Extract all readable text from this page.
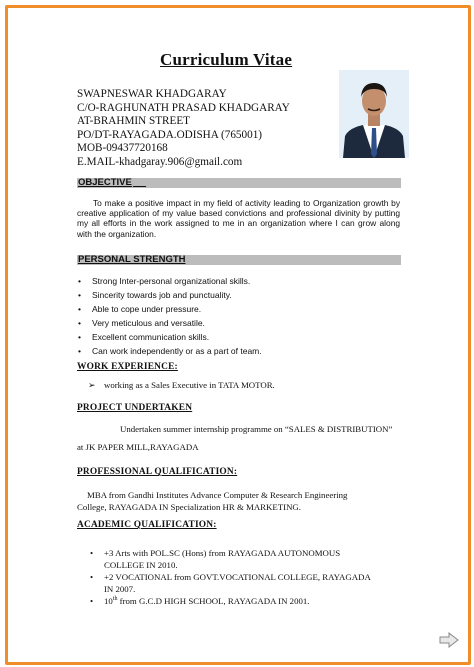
Curriculum Vitae
SWAPNESWAR KHADGARAY
C/O-RAGHUNATH PRASAD KHADGARAY
AT-BRAHMIN STREET
PO/DT-RAYAGADA.ODISHA (765001)
MOB-09437720168
E.MAIL-khadgaray.906@gmail.com
OBJECTIVE
To make a positive impact in my field of activity leading to Organization growth by creative application of my value based convictions and professional divinity by putting my all efforts in the work assigned to me in an organization where I can grow along with the organization.
PERSONAL STRENGTH
• Strong Inter-personal organizational skills.
• Sincerity towards job and punctuality.
• Able to cope under pressure.
• Very meticulous and versatile.
• Excellent communication skills.
• Can work independently or as a part of team.
WORK EXPERIENCE:
➢ working as a Sales Executive in TATA MOTOR.
PROJECT UNDERTAKEN
Undertaken summer internship programme on “SALES & DISTRIBUTION”
at JK PAPER MILL,RAYAGADA
PROFESSIONAL QUALIFICATION:
MBA from Gandhi Institutes Advance Computer & Research Engineering
College, RAYAGADA IN Specialization HR & MARKETING.
ACADEMIC QUALIFICATION:
• +3 Arts with POL.SC (Hons) from RAYAGADA AUTONOMOUS
COLLEGE IN 2010.
• +2 VOCATIONAL from GOVT.VOCATIONAL COLLEGE, RAYAGADA
IN 2007.
• 10th from G.C.D HIGH SCHOOL, RAYAGADA IN 2001.
